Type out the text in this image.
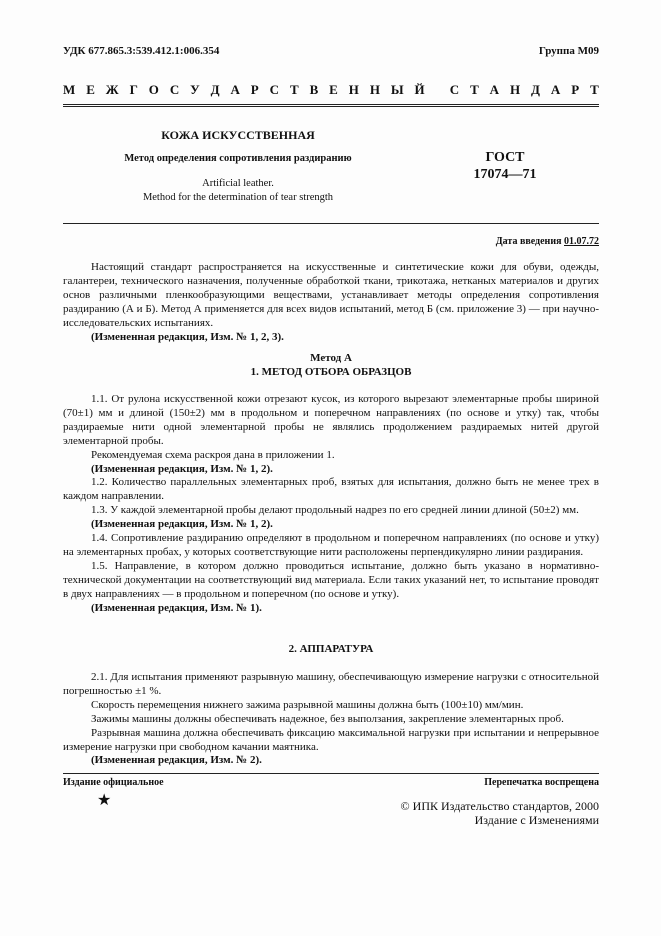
УДК 677.865.3:539.412.1:006.354	Группа М09
М Е Ж Г О С У Д А Р С Т В Е Н Н Ы Й
С Т А Н Д А Р Т
КОЖА ИСКУССТВЕННАЯ
Метод определения сопротивления раздиранию
Artificial leather.
Method for the determination of tear strength
ГОСТ
17074—71
Дата введения 01.07.72

Настоящий стандарт распространяется на искусственные и синтетические кожи для обуви, одежды, галантереи, технического назначения, полученные обработкой ткани, трикотажа, нетканых материалов и других основ различными пленкообразующими веществами, устанавливает методы определения сопротивления раздиранию (А и Б). Метод А применяется для всех видов испытаний, метод Б (см. приложение 3) — при научно-исследовательских испытаниях.

(Измененная редакция, Изм. № 1, 2, 3).

Метод А

1. МЕТОД ОТБОРА ОБРАЗЦОВ

1.1. От рулона искусственной кожи отрезают кусок, из которого вырезают элементарные пробы шириной (70±1) мм и длиной (150±2) мм в продольном и поперечном направлениях (по основе и утку) так, чтобы раздираемые нити одной элементарной пробы не являлись продолжением раздираемых нитей другой элементарной пробы.

Рекомендуемая схема раскроя дана в приложении 1.

(Измененная редакция, Изм. № 1, 2).

1.2. Количество параллельных элементарных проб, взятых для испытания, должно быть не менее трех в каждом направлении.

1.3. У каждой элементарной пробы делают продольный надрез по его средней линии длиной (50±2) мм.

(Измененная редакция, Изм. № 1, 2).

1.4. Сопротивление раздиранию определяют в продольном и поперечном направлениях (по основе и утку) на элементарных пробах, у которых соответствующие нити расположены перпендикулярно линии раздирания.

1.5. Направление, в котором должно проводиться испытание, должно быть указано в нормативно-технической документации на соответствующий вид материала. Если таких указаний нет, то испытание проводят в двух направлениях — в продольном и поперечном (по основе и утку).

(Измененная редакция, Изм. № 1).

2. АППАРАТУРА

2.1. Для испытания применяют разрывную машину, обеспечивающую измерение нагрузки с относительной погрешностью ±1 %.

Скорость перемещения нижнего зажима разрывной машины должна быть (100±10) мм/мин.

Зажимы машины должны обеспечивать надежное, без выползания, закрепление элементарных проб.

Разрывная машина должна обеспечивать фиксацию максимальной нагрузки при испытании и непрерывное измерение нагрузки при свободном качании маятника.

(Измененная редакция, Изм. № 2).

Издание официальное	Перепечатка воспрещена
★	© ИПК Издательство стандартов, 2000
Издание с Изменениями
